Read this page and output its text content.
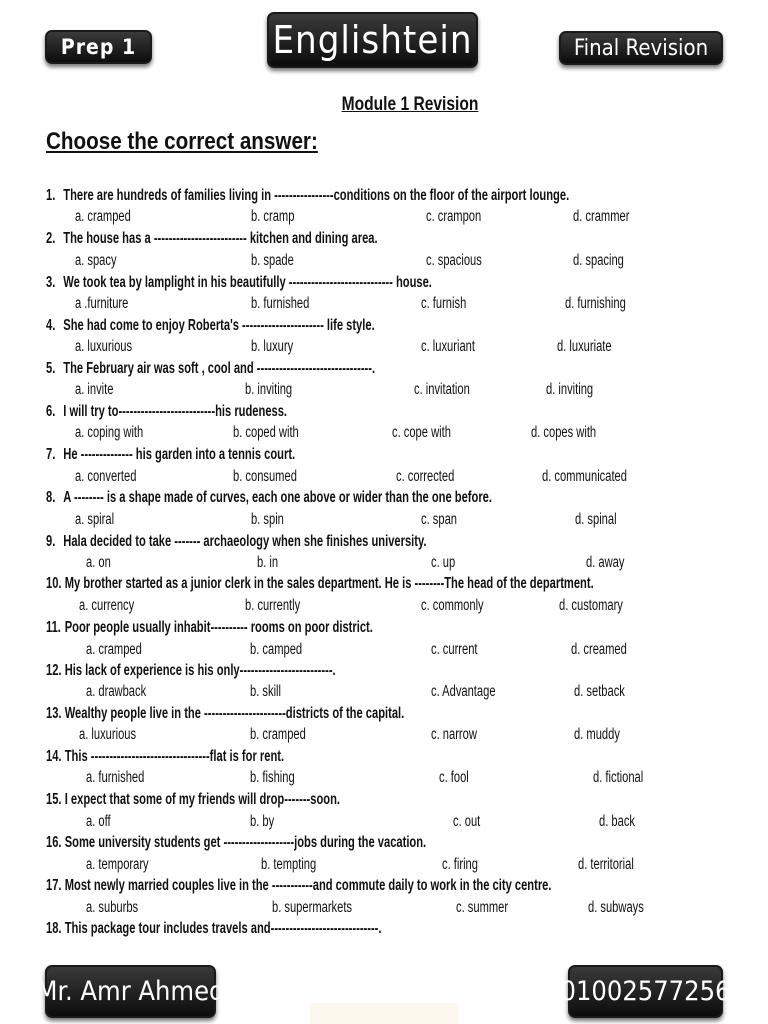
Prep 1	Englishtein	Final Revision
Module 1 Revision
Choose the correct answer:
1. There are hundreds of families living in ----------------conditions on the floor of the airport lounge.
a. cramped	b. cramp	c. crampon	d. crammer
2. The house has a ------------------------- kitchen and dining area.
a. spacy	b. spade	c. spacious	d. spacing
3. We took tea by lamplight in his beautifully ---------------------------- house.
a .furniture	b. furnished	c. furnish	d. furnishing
4. She had come to enjoy Roberta's ---------------------- life style.
a. luxurious	b. luxury	c. luxuriant	d. luxuriate
5. The February air was soft , cool and -------------------------------.
a. invite	b. inviting	c. invitation	d. inviting
6. I will try to--------------------------his rudeness.
a. coping with	b. coped with	c. cope with	d. copes with
7. He -------------- his garden into a tennis court.
a. converted	b. consumed	c. corrected	d. communicated
8. A -------- is a shape made of curves, each one above or wider than the one before.
a. spiral	b. spin	c. span	d. spinal
9. Hala decided to take ------- archaeology when she finishes university.
a. on	b. in	c. up	d. away
10. My brother started as a junior clerk in the sales department. He is --------The head of the department.
a. currency	b. currently	c. commonly	d. customary
11. Poor people usually inhabit---------- rooms on poor district.
a. cramped	b. camped	c. current	d. creamed
12. His lack of experience is his only-------------------------.
a. drawback	b. skill	c. Advantage	d. setback
13. Wealthy people live in the ----------------------districts of the capital.
a. luxurious	b. cramped	c. narrow	d. muddy
14. This --------------------------------flat is for rent.
a. furnished	b. fishing	c. fool	d. fictional
15. I expect that some of my friends will drop-------soon.
a. off	b. by	c. out	d. back
16. Some university students get -------------------jobs during the vacation.
a. temporary	b. tempting	c. firing	d. territorial
17. Most newly married couples live in the -----------and commute daily to work in the city centre.
a. suburbs	b. supermarkets	c. summer	d. subways
18. This package tour includes travels and-----------------------------.
Mr. Amr Ahmed	01002577256
